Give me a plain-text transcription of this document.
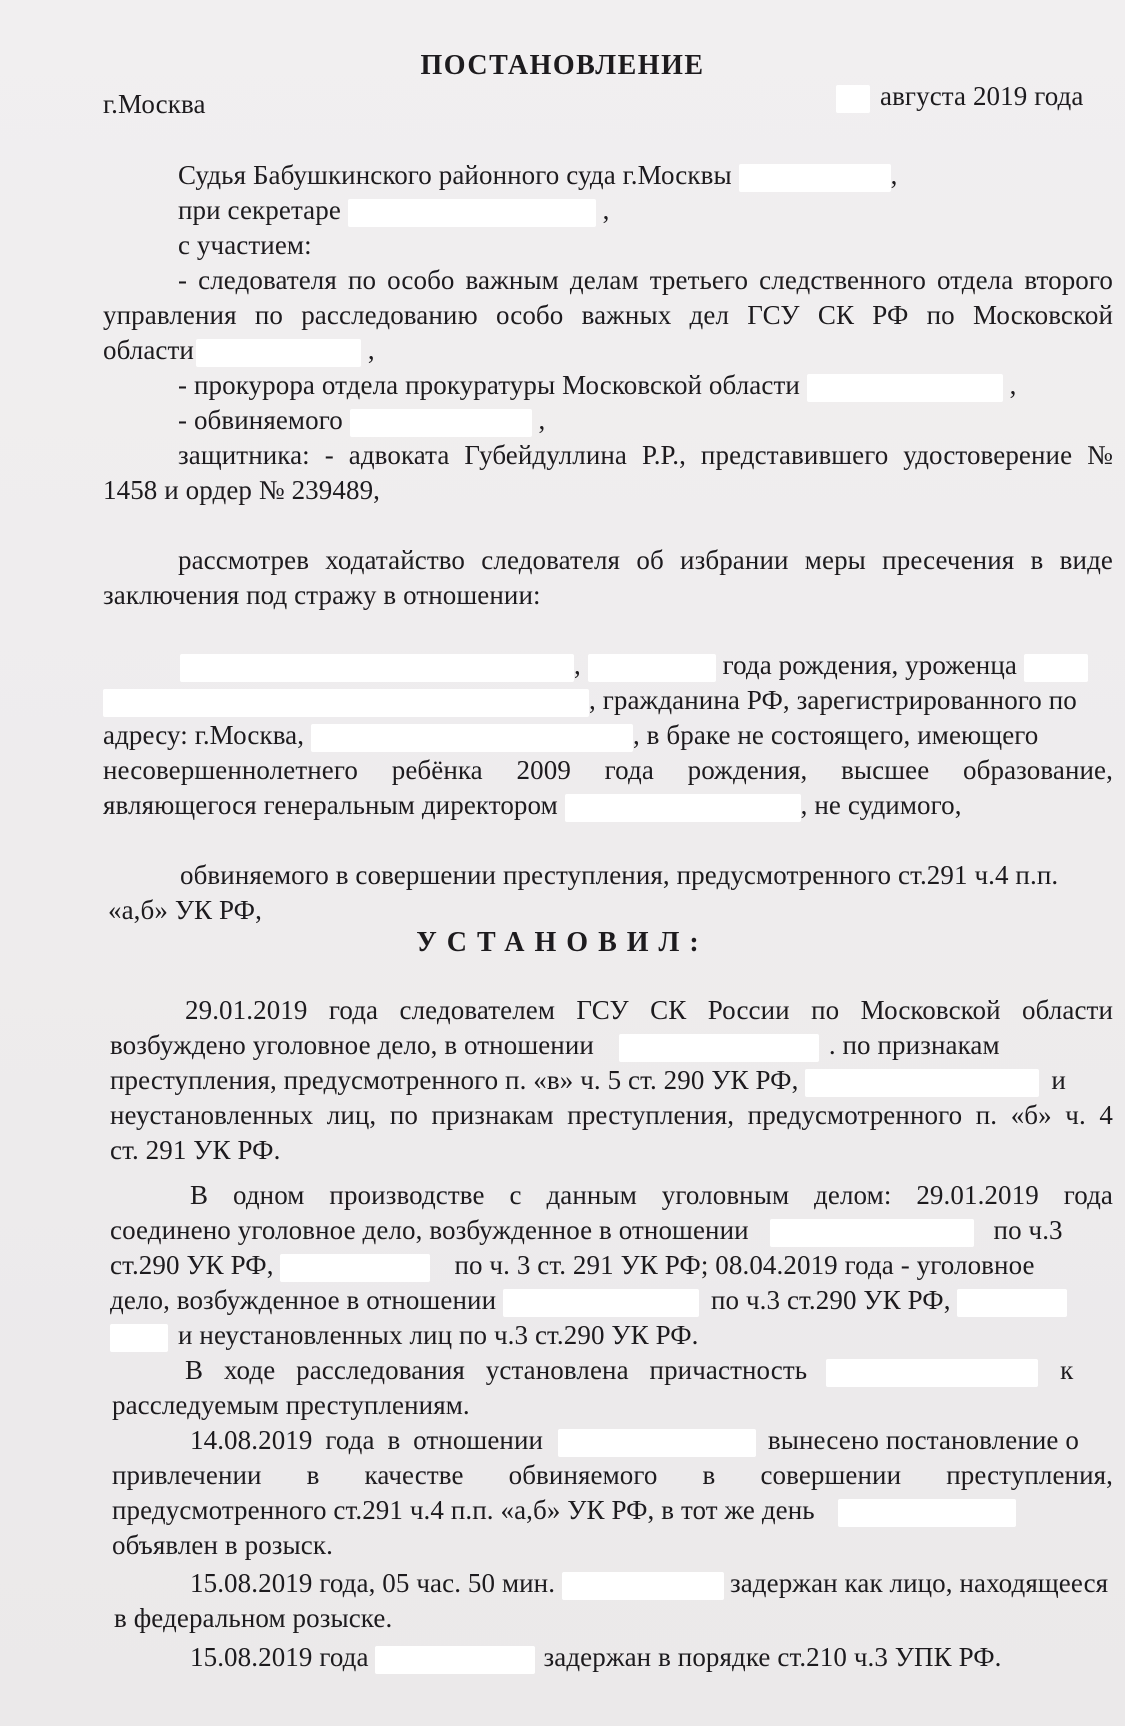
ПОСТАНОВЛЕНИЕ
г.Москва	августа 2019 года
Судья Бабушкинского районного суда г.Москвы	,
при секретаре	,
с участием:
- следователя по особо важным делам третьего следственного отдела второго
управления по расследованию особо важных дел ГСУ СК РФ по Московской
области	,
- прокурора отдела прокуратуры Московской области	,
- обвиняемого	,
защитника: - адвоката Губейдуллина Р.Р., представившего удостоверение №
1458 и ордер № 239489,
рассмотрев ходатайство следователя об избрании меры пресечения в виде
заключения под стражу в отношении:
,	года рождения, уроженца
, гражданина РФ, зарегистрированного по
адресу: г.Москва,	, в браке не состоящего, имеющего
несовершеннолетнего ребёнка 2009 года рождения, высшее образование,
являющегося генеральным директором	, не судимого,
обвиняемого в совершении преступления, предусмотренного ст.291 ч.4 п.п.
«а,б» УК РФ,
УСТАНОВИЛ:
29.01.2019 года следователем ГСУ СК России по Московской области
возбуждено уголовное дело, в отношении	. по признакам
преступления, предусмотренного п. «в» ч. 5 ст. 290 УК РФ,	и
неустановленных лиц, по признакам преступления, предусмотренного п. «б» ч. 4
ст. 291 УК РФ.
В одном производстве с данным уголовным делом: 29.01.2019 года
соединено уголовное дело, возбужденное в отношении	по ч.3
ст.290 УК РФ,	по ч. 3 ст. 291 УК РФ; 08.04.2019 года - уголовное
дело, возбужденное в отношении	по ч.3 ст.290 УК РФ,
и неустановленных лиц по ч.3 ст.290 УК РФ.
В ходе расследования установлена причастность	к
расследуемым преступлениям.
14.08.2019 года в отношении	вынесено постановление о
привлечении в качестве обвиняемого в совершении преступления,
предусмотренного ст.291 ч.4 п.п. «а,б» УК РФ, в тот же день
объявлен в розыск.
15.08.2019 года, 05 час. 50 мин.	задержан как лицо, находящееся
в федеральном розыске.
15.08.2019 года	задержан в порядке ст.210 ч.3 УПК РФ.
